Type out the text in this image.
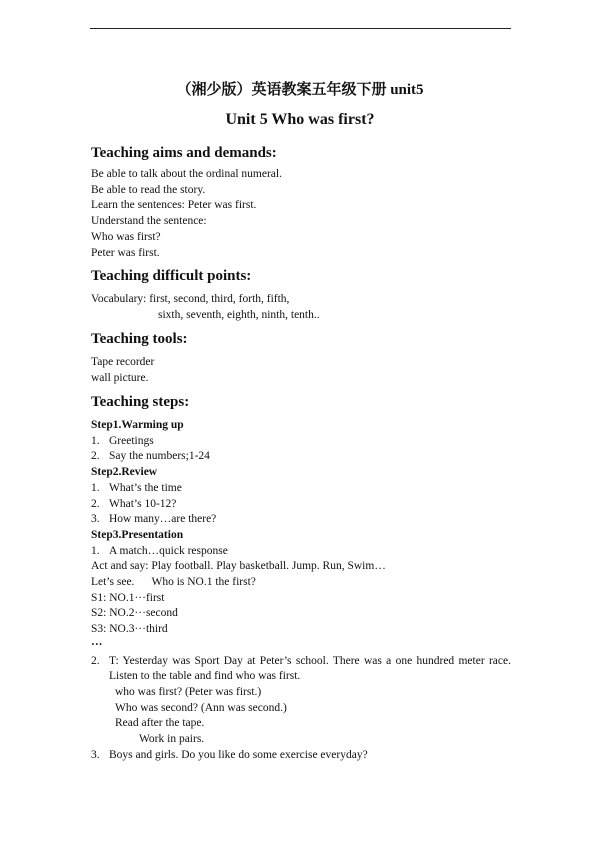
（湘少版）英语教案五年级下册 unit5
Unit 5 Who was first?
Teaching aims and demands:
Be able to talk about the ordinal numeral.
Be able to read the story.
Learn the sentences: Peter was first.
Understand the sentence:
Who was first?
Peter was first.
Teaching difficult points:
Vocabulary: first, second, third, forth, fifth,
sixth, seventh, eighth, ninth, tenth..
Teaching tools:
Tape recorder
wall picture.
Teaching steps:
Step1.Warming up
1. Greetings
2. Say the numbers;1-24
Step2.Review
1. What’s the time
2. What’s 10-12?
3. How many…are there?
Step3.Presentation
1. A match…quick response
Act and say: Play football. Play basketball. Jump. Run, Swim…
Let’s see.      Who is NO.1 the first?
S1: NO.1···first
S2: NO.2···second
S3: NO.3···third
···
2. T: Yesterday was Sport Day at Peter’s school. There was a one hundred meter race. Listen to the table and find who was first.
who was first? (Peter was first.)
Who was second? (Ann was second.)
Read after the tape.
Work in pairs.
3. Boys and girls. Do you like do some exercise everyday?
